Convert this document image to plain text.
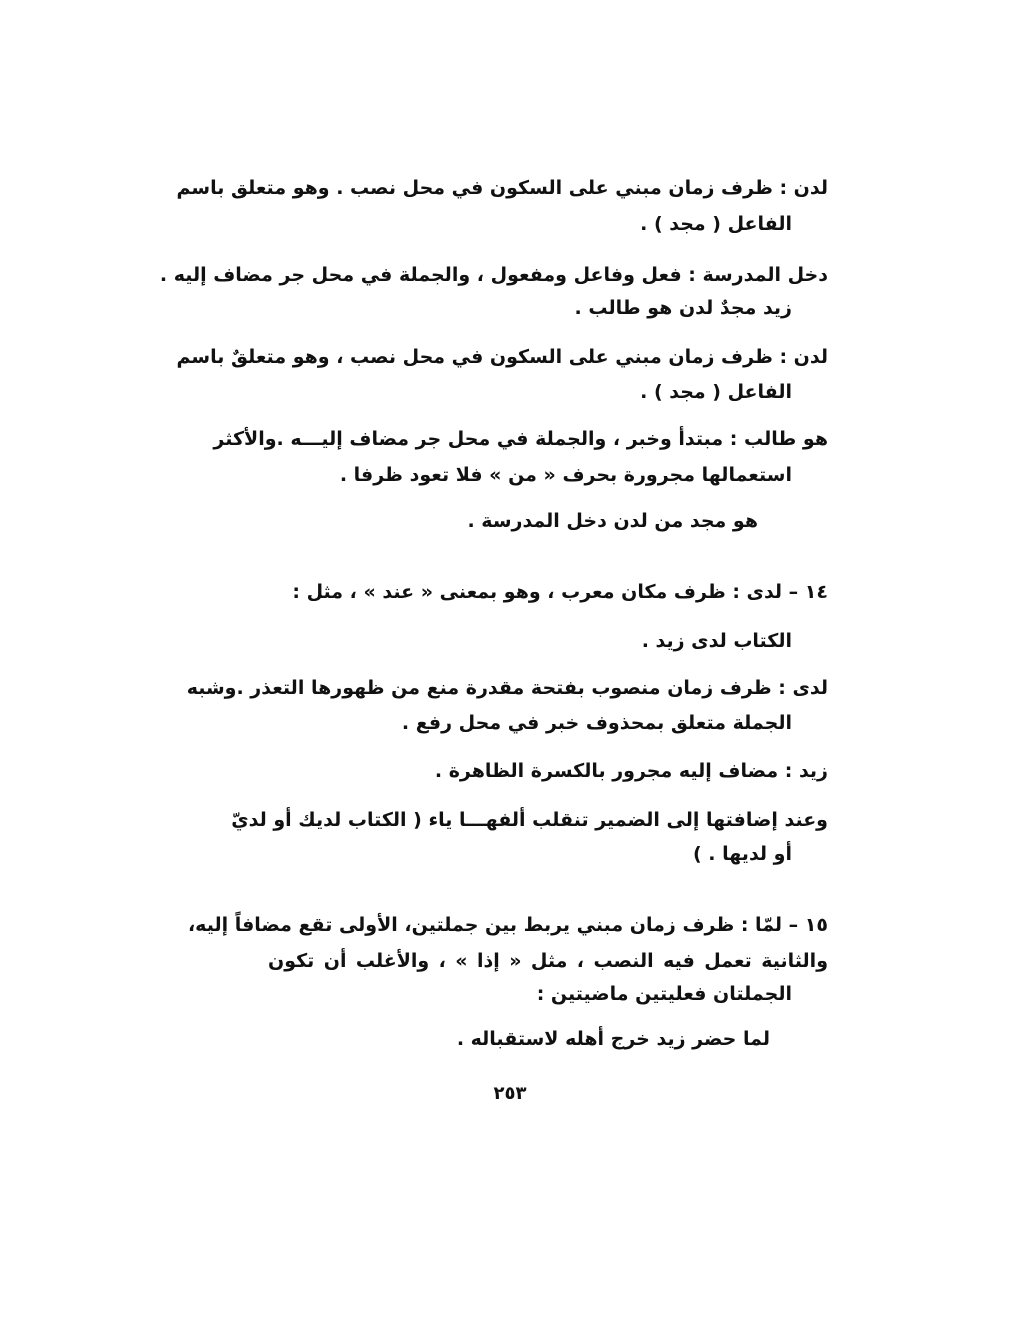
لدن : ظرف زمان مبني على السكون في محل نصب . وهو متعلق باسم
الفاعل ( مجد ) .
دخل المدرسة : فعل وفاعل ومفعول ، والجملة في محل جر مضاف إليه .
زيد مجدٌ لدن هو طالب .
لدن : ظرف زمان مبني على السكون في محل نصب ، وهو متعلقٌ باسم
الفاعل ( مجد ) .
هو طالب : مبتدأ وخبر ، والجملة في محل جر مضاف إليـــه .والأكثر
استعمالها مجرورة بحرف « من » فلا تعود ظرفا .
هو مجد من لدن دخل المدرسة .
١٤ – لدى : ظرف مكان معرب ، وهو بمعنى « عند » ، مثل :
الكتاب لدى زيد .
لدى : ظرف زمان منصوب بفتحة مقدرة منع من ظهورها التعذر .وشبه
الجملة متعلق بمحذوف خبر في محل رفع .
زيد : مضاف إليه مجرور بالكسرة الظاهرة .
وعند إضافتها إلى الضمير تنقلب ألفهـــا ياء ( الكتاب لديك أو لديّ
أو لديها . )
١٥ – لمّا : ظرف زمان مبني يربط بين جملتين، الأولى تقع مضافاً إليه،
والثانية تعمل فيه النصب ، مثل « إذا » ، والأغلب أن تكون
الجملتان فعليتين ماضيتين :
لما حضر زيد خرج أهله لاستقباله .
٢٥٣
